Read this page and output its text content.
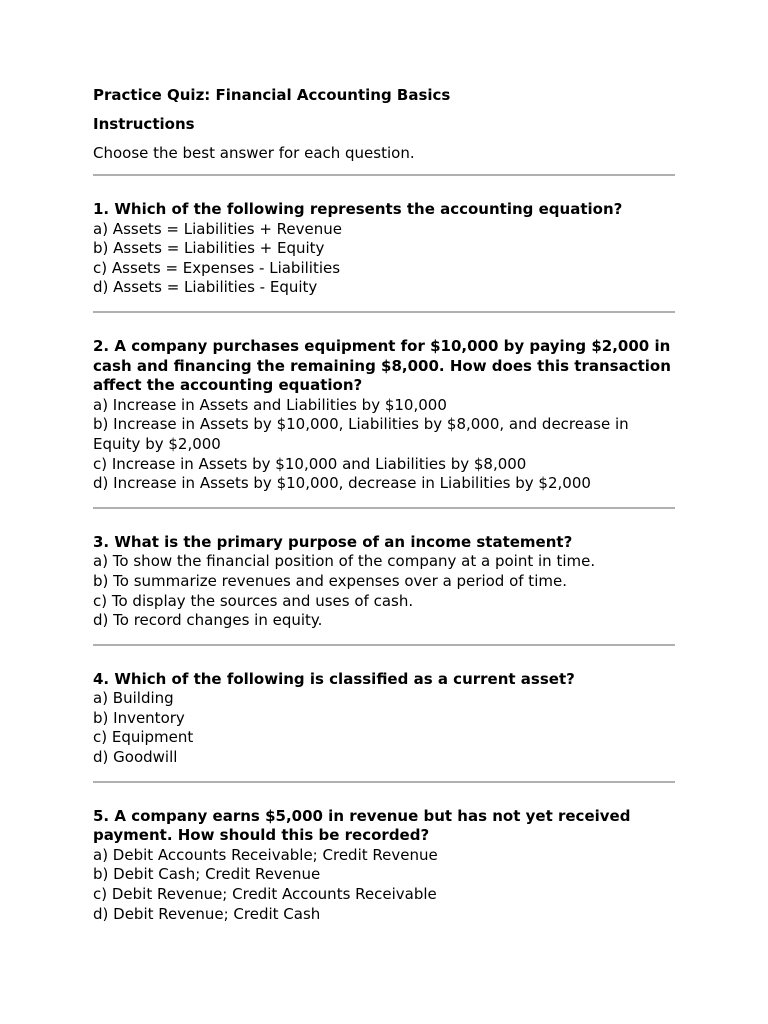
Practice Quiz: Financial Accounting Basics
Instructions

Choose the best answer for each question.

1. Which of the following represents the accounting equation?

a) Assets = Liabilities + Revenue
b) Assets = Liabilities + Equity
c) Assets = Expenses - Liabilities
d) Assets = Liabilities - Equity

2. A company purchases equipment for $10,000 by paying $2,000 in cash and financing the remaining $8,000. How does this transaction affect the accounting equation?

a) Increase in Assets and Liabilities by $10,000
b) Increase in Assets by $10,000, Liabilities by $8,000, and decrease in Equity by $2,000
c) Increase in Assets by $10,000 and Liabilities by $8,000
d) Increase in Assets by $10,000, decrease in Liabilities by $2,000

3. What is the primary purpose of an income statement?

a) To show the financial position of the company at a point in time.
b) To summarize revenues and expenses over a period of time.
c) To display the sources and uses of cash.
d) To record changes in equity.

4. Which of the following is classified as a current asset?

a) Building
b) Inventory
c) Equipment
d) Goodwill

5. A company earns $5,000 in revenue but has not yet received payment. How should this be recorded?

a) Debit Accounts Receivable; Credit Revenue
b) Debit Cash; Credit Revenue
c) Debit Revenue; Credit Accounts Receivable
d) Debit Revenue; Credit Cash
